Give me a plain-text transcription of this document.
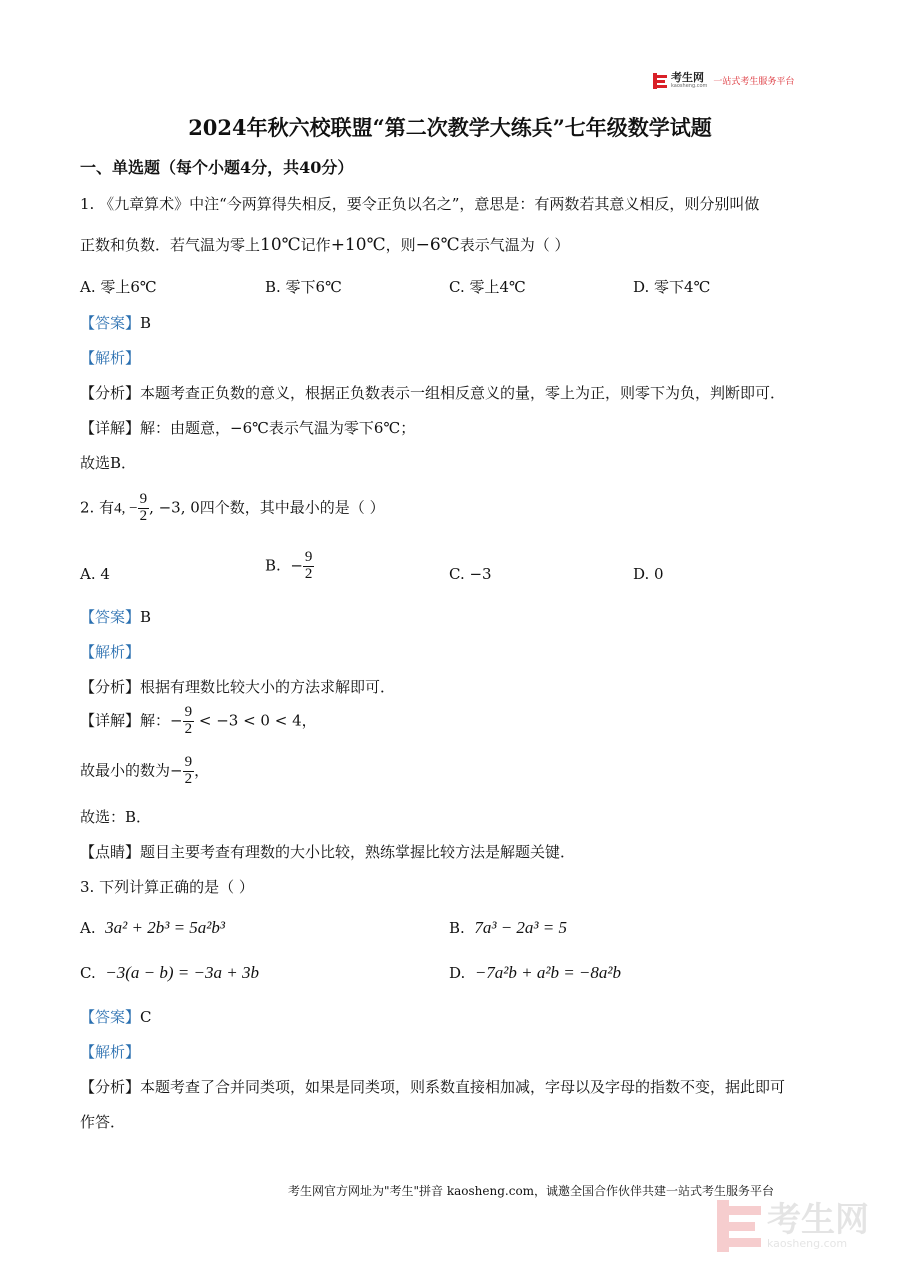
考生网
kaosheng.com 一站式考生服务平台
2024年秋六校联盟“第二次教学大练兵”七年级数学试题
一、单选题（每个小题4分，共40分）
1. 《九章算术》中注“今两算得失相反，要令正负以名之”，意思是：有两数若其意义相反，则分别叫做
正数和负数．若气温为零上10℃记作+10℃，则−6℃表示气温为（ ）
A. 零上6℃	B. 零下6℃	C. 零上4℃	D. 零下4℃
【答案】B
【解析】
【分析】本题考查正负数的意义，根据正负数表示一组相反意义的量，零上为正，则零下为负，判断即可．
【详解】解：由题意，−6℃表示气温为零下6℃；
故选B．
2. 有4, − $\frac{9}{2}$ , −3, 0四个数，其中最小的是（ ）
A. 4	B. − $\frac{9}{2}$	C. −3	D. 0
【答案】B
【解析】
【分析】根据有理数比较大小的方法求解即可．
【详解】解：− $\frac{9}{2} < -3 < 0 < 4$，
故最小的数为− $\frac{9}{2}$ ，
故选：B．
【点睛】题目主要考查有理数的大小比较，熟练掌握比较方法是解题关键．
3. 下列计算正确的是（ ）
A. 3a² + 2b³ = 5a²b³	B. 7a³ − 2a³ = 5
C. −3(a − b) = −3a + 3b	D. −7a²b + a²b = −8a²b
【答案】C
【解析】
【分析】本题考查了合并同类项，如果是同类项，则系数直接相加减，字母以及字母的指数不变，据此即可
作答．
考生网官方网址为"考生"拼音 kaosheng.com，诚邀全国合作伙伴共建一站式考生服务平台
考生网
kaosheng.com
